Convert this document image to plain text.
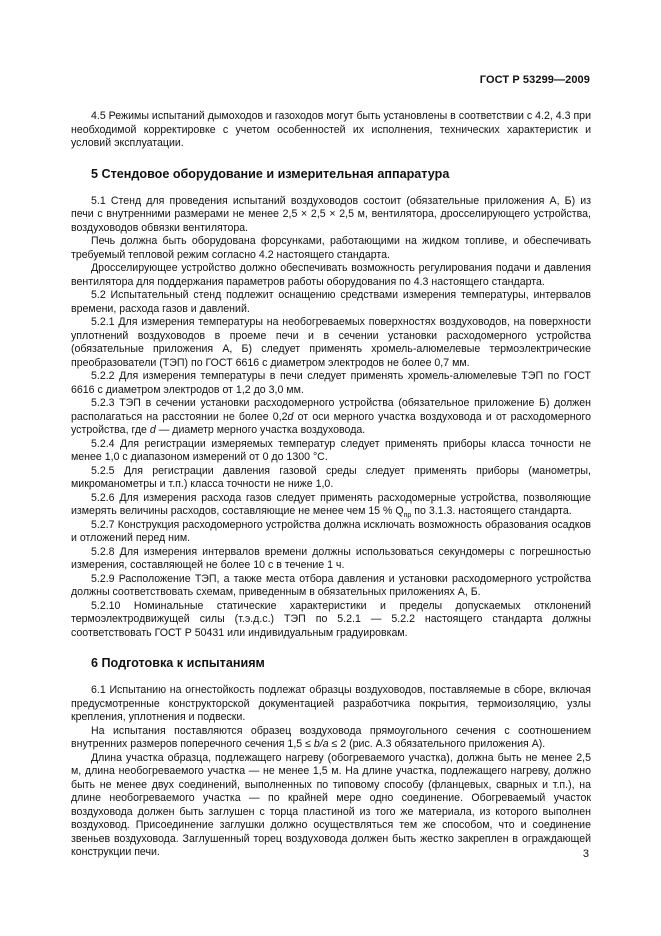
ГОСТ Р 53299—2009

4.5 Режимы испытаний дымоходов и газоходов могут быть установлены в соответствии с 4.2, 4.3 при необходимой корректировке с учетом особенностей их исполнения, технических характеристик и условий эксплуатации.

5 Стендовое оборудование и измерительная аппаратура

5.1 Стенд для проведения испытаний воздуховодов состоит (обязательные приложения А, Б) из печи с внутренними размерами не менее 2,5 × 2,5 × 2,5 м, вентилятора, дросселирующего устройства, воздуховодов обвязки вентилятора.

Печь должна быть оборудована форсунками, работающими на жидком топливе, и обеспечивать требуемый тепловой режим согласно 4.2 настоящего стандарта.

Дросселирующее устройство должно обеспечивать возможность регулирования подачи и давления вентилятора для поддержания параметров работы оборудования по 4.3 настоящего стандарта.

5.2 Испытательный стенд подлежит оснащению средствами измерения температуры, интервалов времени, расхода газов и давлений.

5.2.1 Для измерения температуры на необогреваемых поверхностях воздуховодов, на поверхности уплотнений воздуховодов в проеме печи и в сечении установки расходомерного устройства (обязательные приложения А, Б) следует применять хромель-алюмелевые термоэлектрические преобразователи (ТЭП) по ГОСТ 6616 с диаметром электродов не более 0,7 мм.

5.2.2 Для измерения температуры в печи следует применять хромель-алюмелевые ТЭП по ГОСТ 6616 с диаметром электродов от 1,2 до 3,0 мм.

5.2.3 ТЭП в сечении установки расходомерного устройства (обязательное приложение Б) должен располагаться на расстоянии не более 0,2d от оси мерного участка воздуховода и от расходомерного устройства, где d — диаметр мерного участка воздуховода.

5.2.4 Для регистрации измеряемых температур следует применять приборы класса точности не менее 1,0 с диапазоном измерений от 0 до 1300 °С.

5.2.5 Для регистрации давления газовой среды следует применять приборы (манометры, микроманометры и т.п.) класса точности не ниже 1,0.

5.2.6 Для измерения расхода газов следует применять расходомерные устройства, позволяющие измерять величины расходов, составляющие не менее чем 15 % $Q_{пр}$ по 3.1.3. настоящего стандарта.

5.2.7 Конструкция расходомерного устройства должна исключать возможность образования осадков и отложений перед ним.

5.2.8 Для измерения интервалов времени должны использоваться секундомеры с погрешностью измерения, составляющей не более 10 с в течение 1 ч.

5.2.9 Расположение ТЭП, а также места отбора давления и установки расходомерного устройства должны соответствовать схемам, приведенным в обязательных приложениях А, Б.

5.2.10 Номинальные статические характеристики и пределы допускаемых отклонений термоэлектродвижущей силы (т.э.д.с.) ТЭП по 5.2.1 — 5.2.2 настоящего стандарта должны соответствовать ГОСТ Р 50431 или индивидуальным градуировкам.

6 Подготовка к испытаниям

6.1 Испытанию на огнестойкость подлежат образцы воздуховодов, поставляемые в сборе, включая предусмотренные конструкторской документацией разработчика покрытия, термоизоляцию, узлы крепления, уплотнения и подвески.

На испытания поставляются образец воздуховода прямоугольного сечения с соотношением внутренних размеров поперечного сечения 1,5 ≤ b/a ≤ 2 (рис. А.3 обязательного приложения А).

Длина участка образца, подлежащего нагреву (обогреваемого участка), должна быть не менее 2,5 м, длина необогреваемого участка — не менее 1,5 м. На длине участка, подлежащего нагреву, должно быть не менее двух соединений, выполненных по типовому способу (фланцевых, сварных и т.п.), на длине необогреваемого участка — по крайней мере одно соединение. Обогреваемый участок воздуховода должен быть заглушен с торца пластиной из того же материала, из которого выполнен воздуховод. Присоединение заглушки должно осуществляться тем же способом, что и соединение звеньев воздуховода. Заглушенный торец воздуховода должен быть жестко закреплен в ограждающей конструкции печи.	3
